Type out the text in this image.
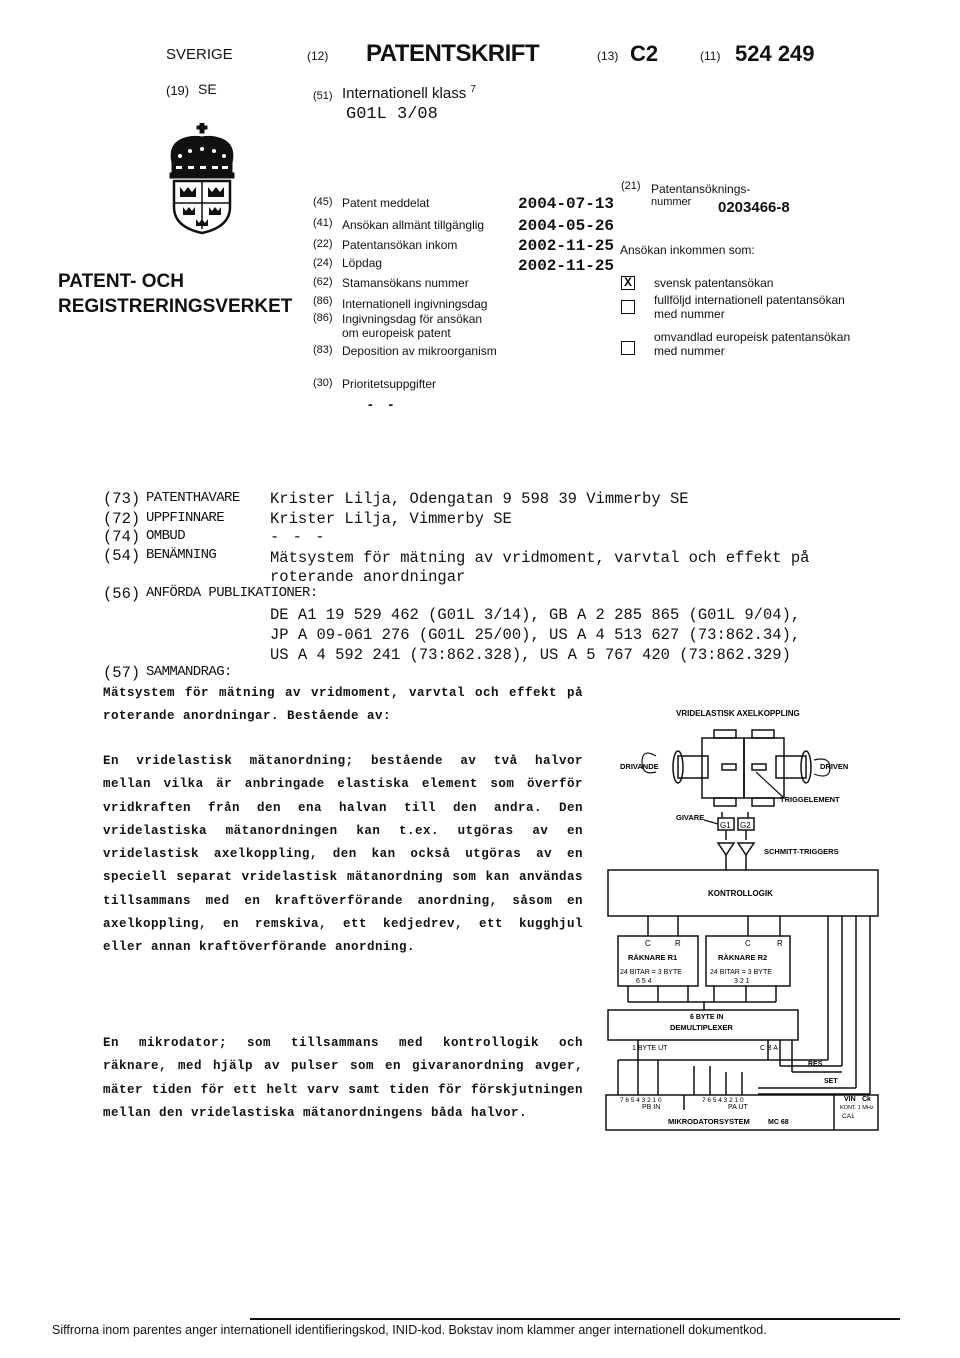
SVERIGE	(12) PATENTSKRIFT	(13) C2	(11) 524 249
(19) SE	(51) Internationell klass $^7$
G01L 3/08
PATENT- OCH
REGISTRERINGSVERKET
(45) Patent meddelat	2004-07-13
(41) Ansökan allmänt tillgänglig 2004-05-26
(22) Patentansökan inkom	2002-11-25
(24) Löpdag	2002-11-25
(62) Stamansökans nummer
(86) Internationell ingivningsdag
(86) Ingivningsdag för ansökan
om europeisk patent
(83) Deposition av mikroorganism
(21) Patentansöknings-
nummer 0203466-8
Ansökan inkommen som:
X svensk patentansökan
fullföljd internationell patentansökan
med nummer
omvandlad europeisk patentansökan
med nummer
(30) Prioritetsuppgifter
- -
(73) PATENTHAVARE Krister Lilja, Odengatan 9 598 39 Vimmerby SE
(72) UPPFINNARE	Krister Lilja, Vimmerby SE
(74) OMBUD	- - -
(54) BENÄMNING	Mätsystem för mätning av vridmoment, varvtal och effekt på
roterande anordningar
(56) ANFÖRDA PUBLIKATIONER:
DE A1 19 529 462 (G01L 3/14), GB A 2 285 865 (G01L 9/04),
JP A 09-061 276 (G01L 25/00), US A 4 513 627 (73:862.34),
US A 4 592 241 (73:862.328), US A 5 767 420 (73:862.329)
(57) SAMMANDRAG:
Mätsystem för mätning av vridmoment, varvtal och effekt på roterande anordningar. Bestående av:
En vridelastisk mätanordning; bestående av två halvor mellan vilka är anbringade elastiska element som överför vridkraften från den ena halvan till den andra. Den vridelastiska mätanordningen kan t.ex. utgöras av en vridelastisk axelkoppling, den kan också utgöras av en speciell separat vridelastisk mätanordning som kan användas tillsammans med en kraftöverförande anordning, såsom en axelkoppling, en remskiva, ett kedjedrev, ett kugghjul eller annan kraftöverförande anordning.
En mikrodator; som tillsammans med kontrollogik och räknare, med hjälp av pulser som en givaranordning avger, mäter tiden för ett helt varv samt tiden för förskjutningen mellan den vridelastiska mätanordningens båda halvor.
VRIDELASTISK AXELKOPPLING
DRIVANDE	DRIVEN
TRIGGELEMENT
GIVARE
G1 G2
SCHMITT-TRIGGERS
KONTROLLOGIK
C	R
RÄKNARE R1
24 BITAR = 3 BYTE
6 5 4
C	R
RÄKNARE R2
24 BITAR = 3 BYTE
3 2 1
6 BYTE IN
DEMULTIPLEXER
1 BYTE UT	C B A
RES
SET
7 6 5 4 3 2 1 0	7 6 5 4 3 2 1 0
PB IN	PA UT
VIN Ck
KONT. 1 MHz
CA1
MIKRODATORSYSTEM	MC 68
Siffrorna inom parentes anger internationell identifieringskod, INID-kod. Bokstav inom klammer anger internationell dokumentkod.
